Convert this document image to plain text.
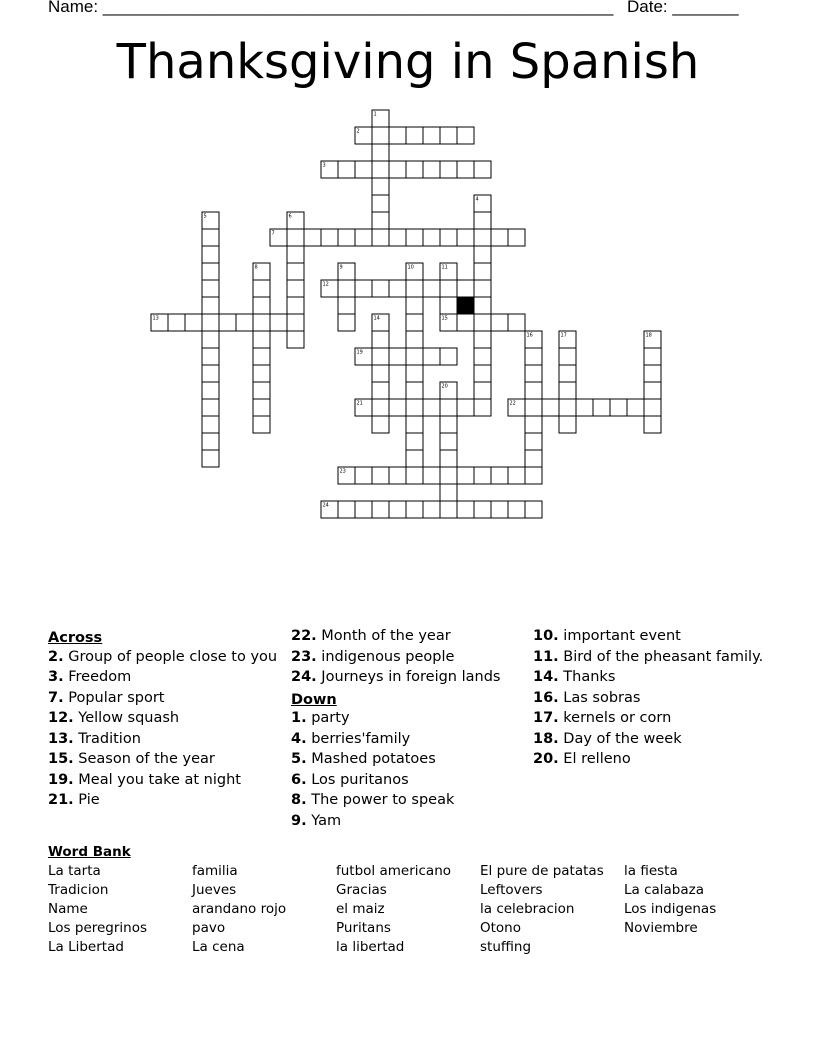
Name: ______________________________________________________ Date: _______
Thanksgiving in Spanish
2
3
7
12
13	15
19
21	22
23
24
1
4
5	6
8	9	10	11
14
16	17	18
20
Across
2. Group of people close to you
3. Freedom
7. Popular sport
12. Yellow squash
13. Tradition
15. Season of the year
19. Meal you take at night
21. Pie
22. Month of the year
23. indigenous people
24. Journeys in foreign lands
Down
1. party
4. berries'family
5. Mashed potatoes
6. Los puritanos
8. The power to speak
9. Yam
10. important event
11. Bird of the pheasant family.
14. Thanks
16. Las sobras
17. kernels or corn
18. Day of the week
20. El relleno
Word Bank
La tarta
Tradicion
Name
Los peregrinos
La Libertad
familia
Jueves
arandano rojo
pavo
La cena
futbol americano
Gracias
el maiz
Puritans
la libertad
El pure de patatas
Leftovers
la celebracion
Otono
stuffing
la fiesta
La calabaza
Los indigenas
Noviembre
